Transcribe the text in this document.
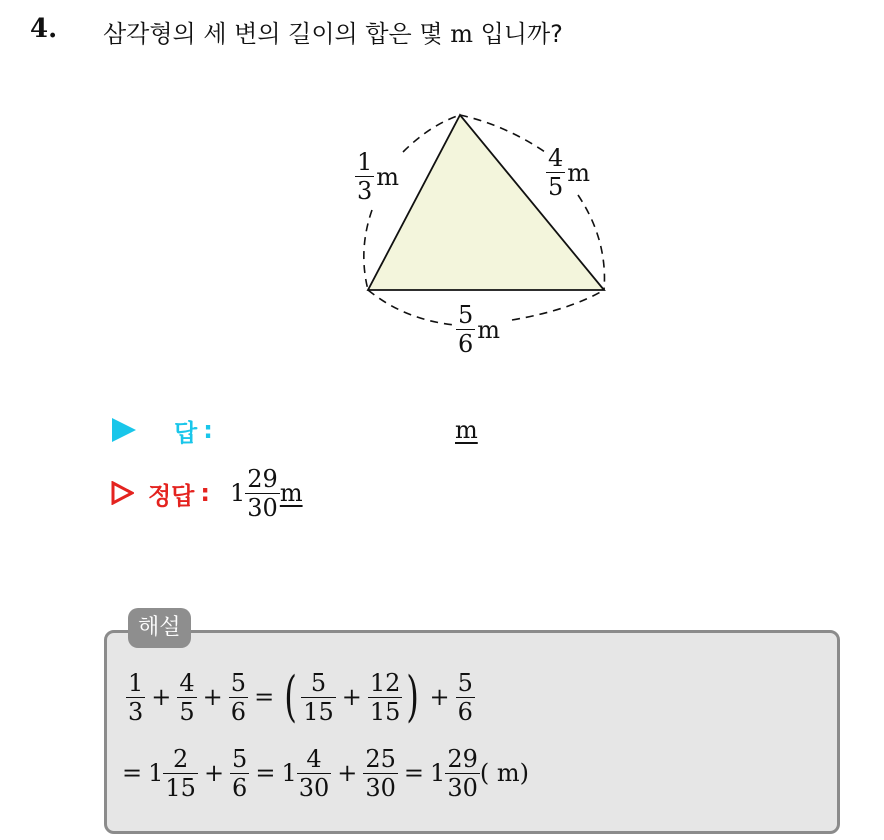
4. 삼각형의 세 변의 길이의 합은 몇 m 입니까?
$\frac{1}{3}$ m	$\frac{4}{5}$ m
$\frac{5}{6}$ m
답 :	m
정답 : $1 \frac{29}{30}$ m
해설
$\frac{1}{3} + \frac{4}{5} + \frac{5}{6}$ = ( $\frac{5}{15} + \frac{12}{15}$ ) + $\frac{5}{6}$
= $1 \frac{2}{15} + \frac{5}{6} = 1 \frac{4}{30} + \frac{25}{30} = 1 \frac{29}{30}$ ( m)
